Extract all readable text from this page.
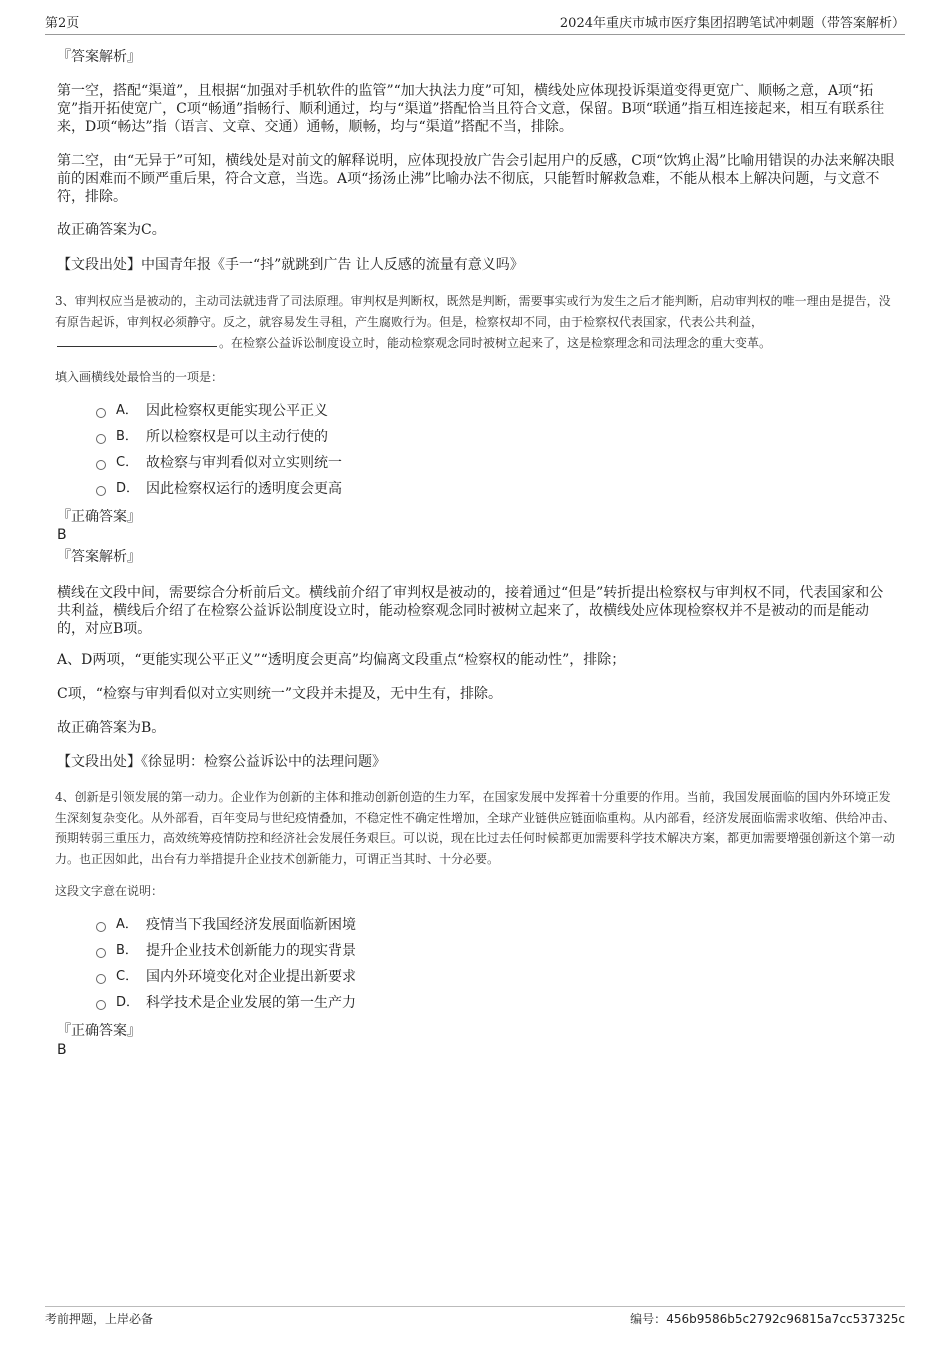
第2页	2024年重庆市城市医疗集团招聘笔试冲刺题（带答案解析）
『答案解析』
第一空，搭配“渠道”，且根据“加强对手机软件的监管”“加大执法力度”可知，横线处应体现投诉渠道变得更宽广、顺畅之意，A项“拓宽”指开拓使宽广，C项“畅通”指畅行、顺利通过，均与“渠道”搭配恰当且符合文意，保留。B项“联通”指互相连接起来，相互有联系往来，D项“畅达”指（语言、文章、交通）通畅，顺畅，均与“渠道”搭配不当，排除。
第二空，由“无异于”可知，横线处是对前文的解释说明，应体现投放广告会引起用户的反感，C项“饮鸩止渴”比喻用错误的办法来解决眼前的困难而不顾严重后果，符合文意，当选。A项“扬汤止沸”比喻办法不彻底，只能暂时解救急难，不能从根本上解决问题，与文意不符，排除。
故正确答案为C。
【文段出处】中国青年报《手一“抖”就跳到广告 让人反感的流量有意义吗》
3、审判权应当是被动的，主动司法就违背了司法原理。审判权是判断权，既然是判断，需要事实或行为发生之后才能判断，启动审判权的唯一理由是提告，没有原告起诉，审判权必须静守。反之，就容易发生寻租，产生腐败行为。但是，检察权却不同，由于检察权代表国家，代表公共利益，。在检察公益诉讼制度设立时，能动检察观念同时被树立起来了，这是检察理念和司法理念的重大变革。
填入画横线处最恰当的一项是：
A． 因此检察权更能实现公平正义
B． 所以检察权是可以主动行使的
C． 故检察与审判看似对立实则统一
D． 因此检察权运行的透明度会更高
『正确答案』
B
『答案解析』
横线在文段中间，需要综合分析前后文。横线前介绍了审判权是被动的，接着通过“但是”转折提出检察权与审判权不同，代表国家和公共利益，横线后介绍了在检察公益诉讼制度设立时，能动检察观念同时被树立起来了，故横线处应体现检察权并不是被动的而是能动的，对应B项。
A、D两项，“更能实现公平正义”“透明度会更高”均偏离文段重点“检察权的能动性”，排除；
C项，“检察与审判看似对立实则统一”文段并未提及，无中生有，排除。
故正确答案为B。
【文段出处】《徐显明：检察公益诉讼中的法理问题》
4、创新是引领发展的第一动力。企业作为创新的主体和推动创新创造的生力军，在国家发展中发挥着十分重要的作用。当前，我国发展面临的国内外环境正发生深刻复杂变化。从外部看，百年变局与世纪疫情叠加，不稳定性不确定性增加，全球产业链供应链面临重构。从内部看，经济发展面临需求收缩、供给冲击、预期转弱三重压力，高效统筹疫情防控和经济社会发展任务艰巨。可以说，现在比过去任何时候都更加需要科学技术解决方案，都更加需要增强创新这个第一动力。也正因如此，出台有力举措提升企业技术创新能力，可谓正当其时、十分必要。
这段文字意在说明：
A． 疫情当下我国经济发展面临新困境
B． 提升企业技术创新能力的现实背景
C． 国内外环境变化对企业提出新要求
D． 科学技术是企业发展的第一生产力
『正确答案』
B
考前押题，上岸必备	编号：456b9586b5c2792c96815a7cc537325c
